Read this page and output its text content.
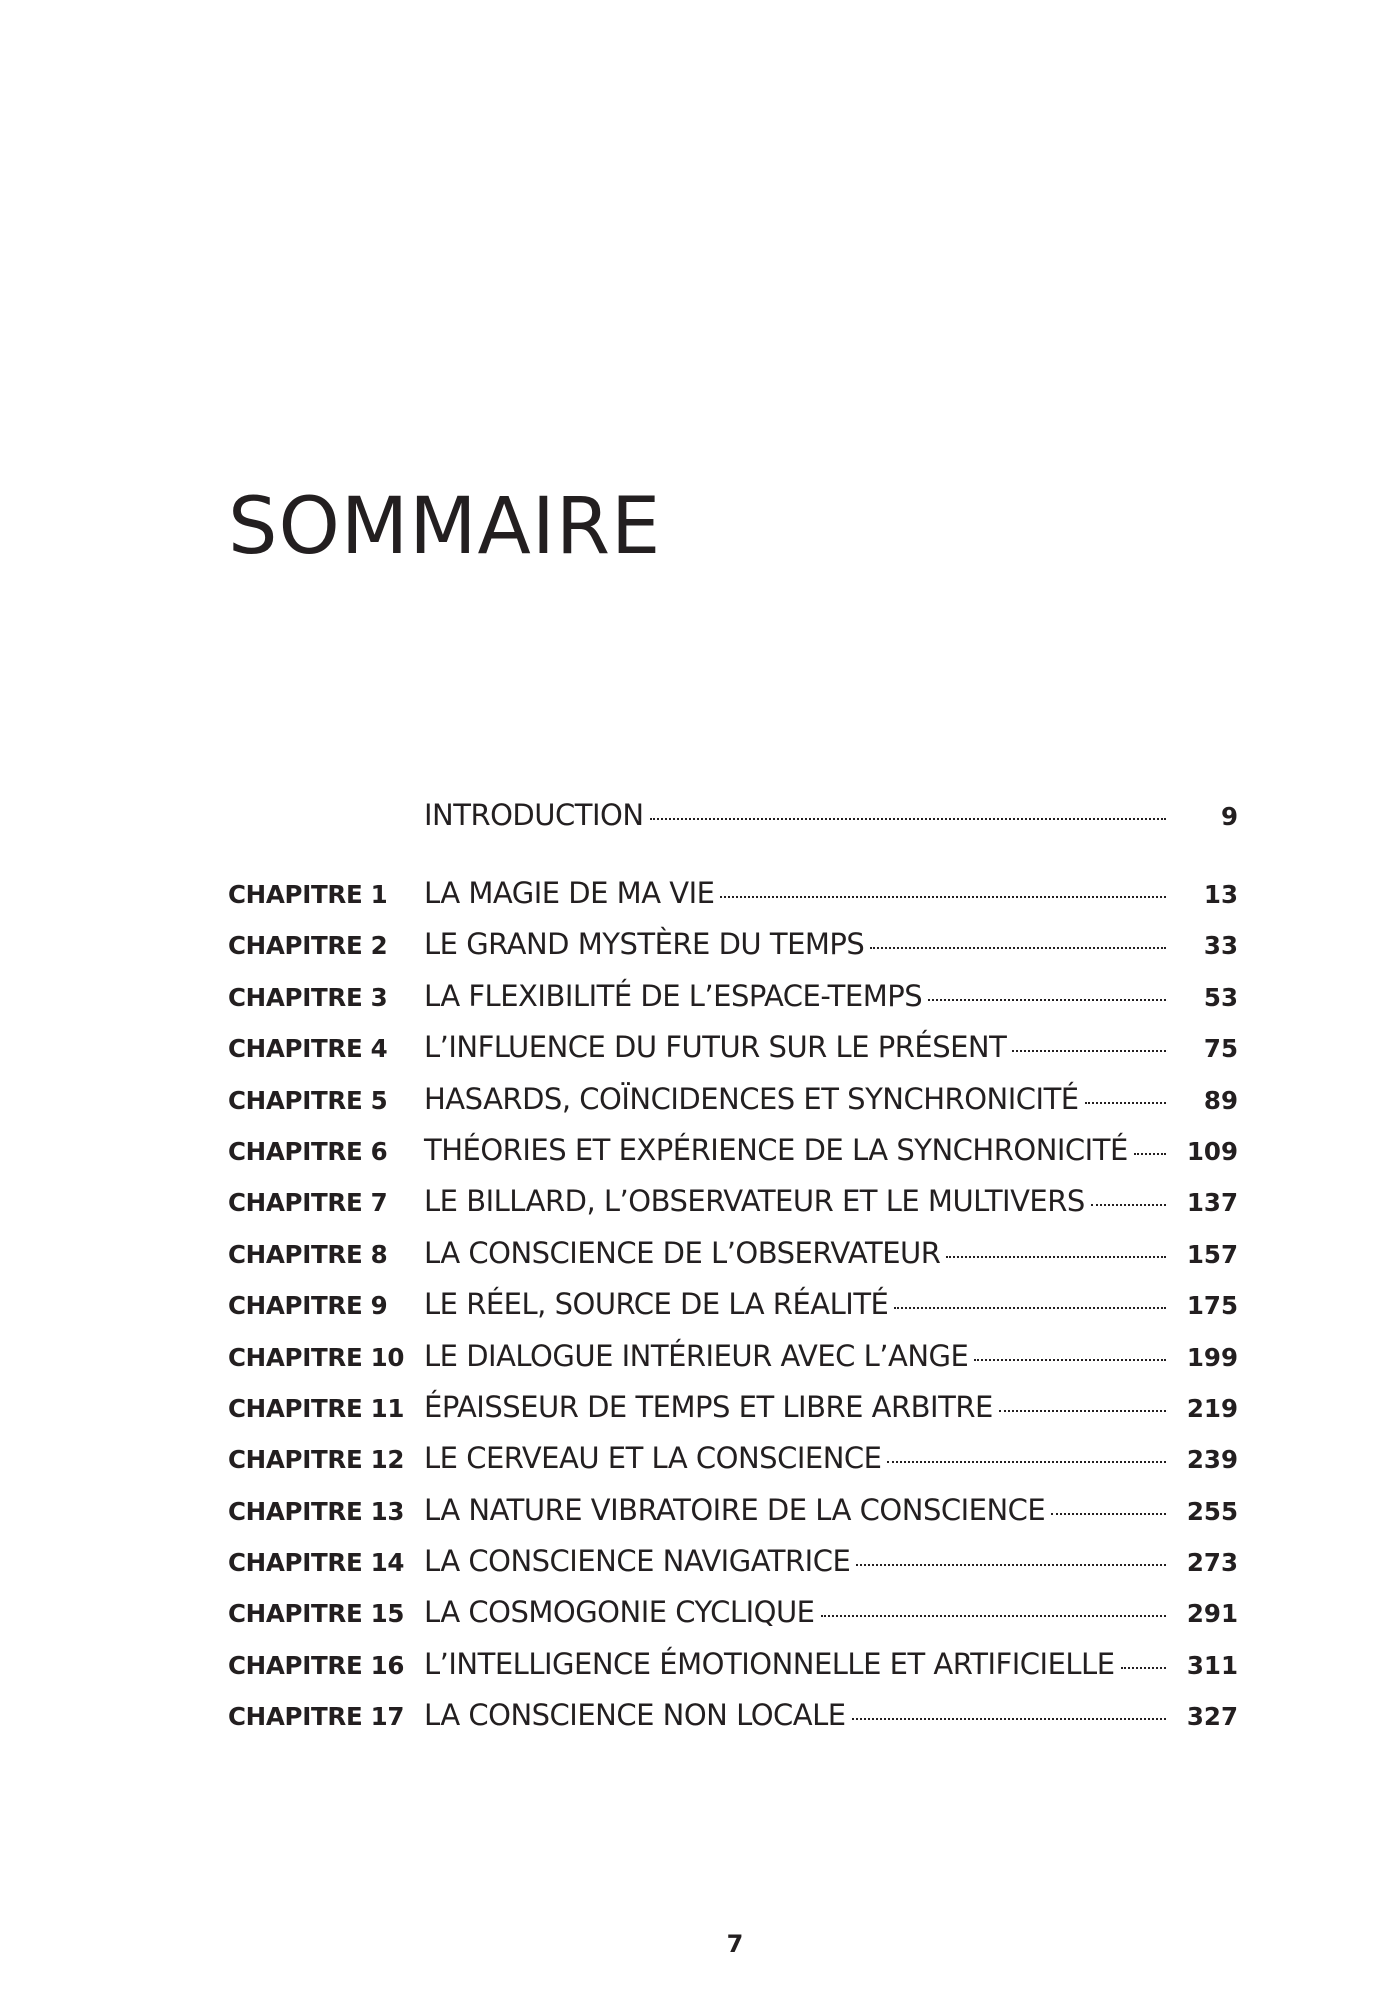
SOMMAIRE
INTRODUCTION	9
CHAPITRE 1	LA MAGIE DE MA VIE	13
CHAPITRE 2	LE GRAND MYSTÈRE DU TEMPS	33
CHAPITRE 3	LA FLEXIBILITÉ DE L’ESPACE-TEMPS	53
CHAPITRE 4	L’INFLUENCE DU FUTUR SUR LE PRÉSENT	75
CHAPITRE 5	HASARDS, COÏNCIDENCES ET SYNCHRONICITÉ	89
CHAPITRE 6	THÉORIES ET EXPÉRIENCE DE LA SYNCHRONICITÉ	109
CHAPITRE 7	LE BILLARD, L’OBSERVATEUR ET LE MULTIVERS	137
CHAPITRE 8	LA CONSCIENCE DE L’OBSERVATEUR	157
CHAPITRE 9	LE RÉEL, SOURCE DE LA RÉALITÉ	175
CHAPITRE 10 LE DIALOGUE INTÉRIEUR AVEC L’ANGE	199
CHAPITRE 11 ÉPAISSEUR DE TEMPS ET LIBRE ARBITRE	219
CHAPITRE 12 LE CERVEAU ET LA CONSCIENCE	239
CHAPITRE 13 LA NATURE VIBRATOIRE DE LA CONSCIENCE	255
CHAPITRE 14 LA CONSCIENCE NAVIGATRICE	273
CHAPITRE 15 LA COSMOGONIE CYCLIQUE	291
CHAPITRE 16 L’INTELLIGENCE ÉMOTIONNELLE ET ARTIFICIELLE	311
CHAPITRE 17 LA CONSCIENCE NON LOCALE	327
7
